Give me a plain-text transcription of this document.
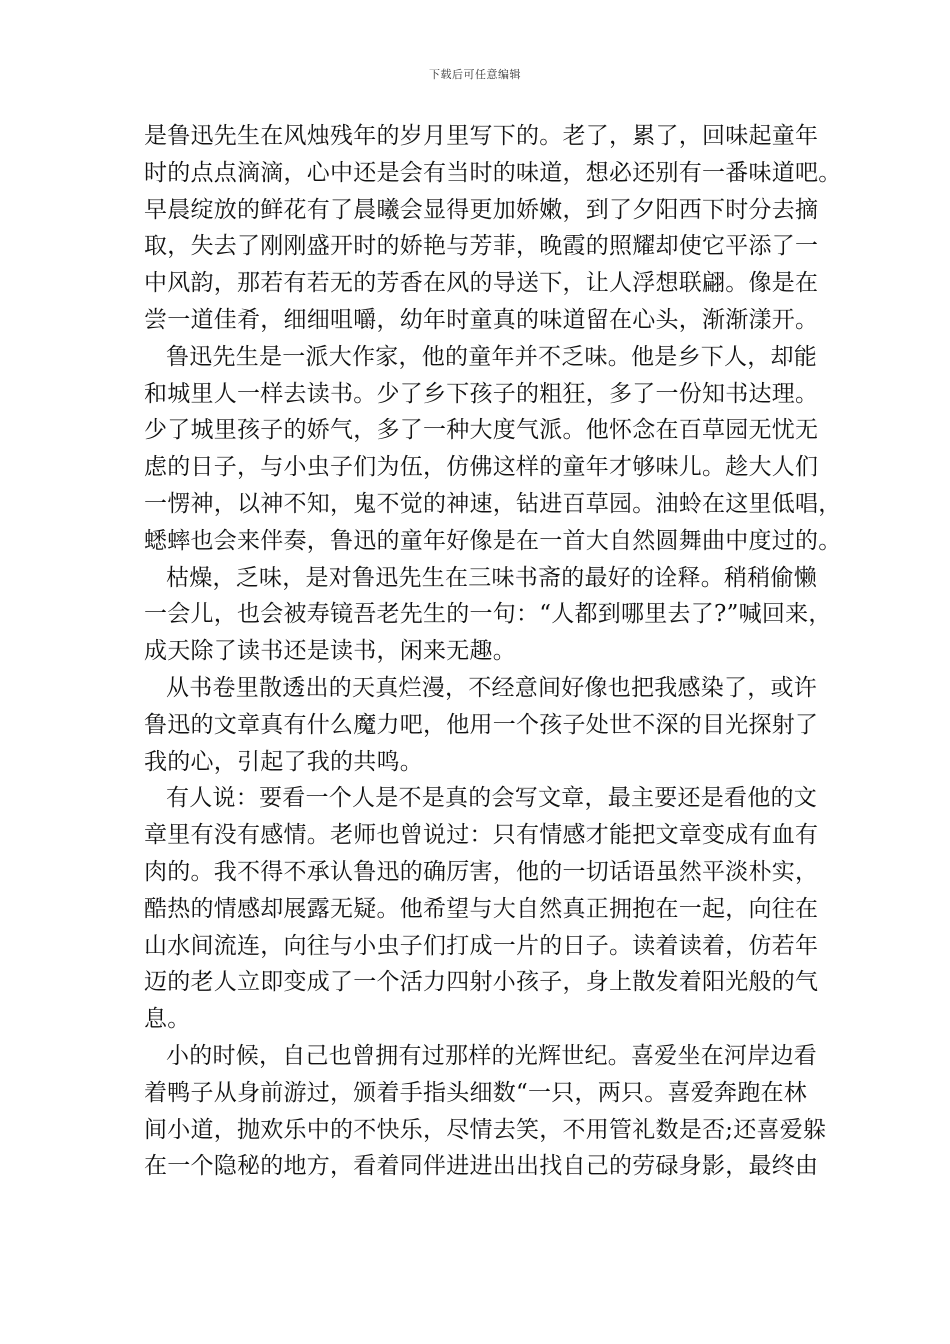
下载后可任意编辑
是鲁迅先生在风烛残年的岁月里写下的。老了，累了，回味起童年
时的点点滴滴，心中还是会有当时的味道，想必还别有一番味道吧。
早晨绽放的鲜花有了晨曦会显得更加娇嫩，到了夕阳西下时分去摘
取，失去了刚刚盛开时的娇艳与芳菲，晚霞的照耀却使它平添了一
中风韵，那若有若无的芳香在风的导送下，让人浮想联翩。像是在
尝一道佳肴，细细咀嚼，幼年时童真的味道留在心头，渐渐漾开。
鲁迅先生是一派大作家，他的童年并不乏味。他是乡下人，却能
和城里人一样去读书。少了乡下孩子的粗狂，多了一份知书达理。
少了城里孩子的娇气，多了一种大度气派。他怀念在百草园无忧无
虑的日子，与小虫子们为伍，仿佛这样的童年才够味儿。趁大人们
一愣神，以神不知，鬼不觉的神速，钻进百草园。油蛉在这里低唱，
蟋蟀也会来伴奏，鲁迅的童年好像是在一首大自然圆舞曲中度过的。
枯燥，乏味，是对鲁迅先生在三味书斋的最好的诠释。稍稍偷懒
一会儿，也会被寿镜吾老先生的一句：“人都到哪里去了?”喊回来，
成天除了读书还是读书，闲来无趣。
从书卷里散透出的天真烂漫，不经意间好像也把我感染了，或许
鲁迅的文章真有什么魔力吧，他用一个孩子处世不深的目光探射了
我的心，引起了我的共鸣。
有人说：要看一个人是不是真的会写文章，最主要还是看他的文
章里有没有感情。老师也曾说过：只有情感才能把文章变成有血有
肉的。我不得不承认鲁迅的确厉害，他的一切话语虽然平淡朴实，
酷热的情感却展露无疑。他希望与大自然真正拥抱在一起，向往在
山水间流连，向往与小虫子们打成一片的日子。读着读着，仿若年
迈的老人立即变成了一个活力四射小孩子，身上散发着阳光般的气
息。
小的时候，自己也曾拥有过那样的光辉世纪。喜爱坐在河岸边看
着鸭子从身前游过，颁着手指头细数“一只，两只。喜爱奔跑在林
间小道，抛欢乐中的不快乐，尽情去笑，不用管礼数是否;还喜爱躲
在一个隐秘的地方，看着同伴进进出出找自己的劳碌身影，最终由
